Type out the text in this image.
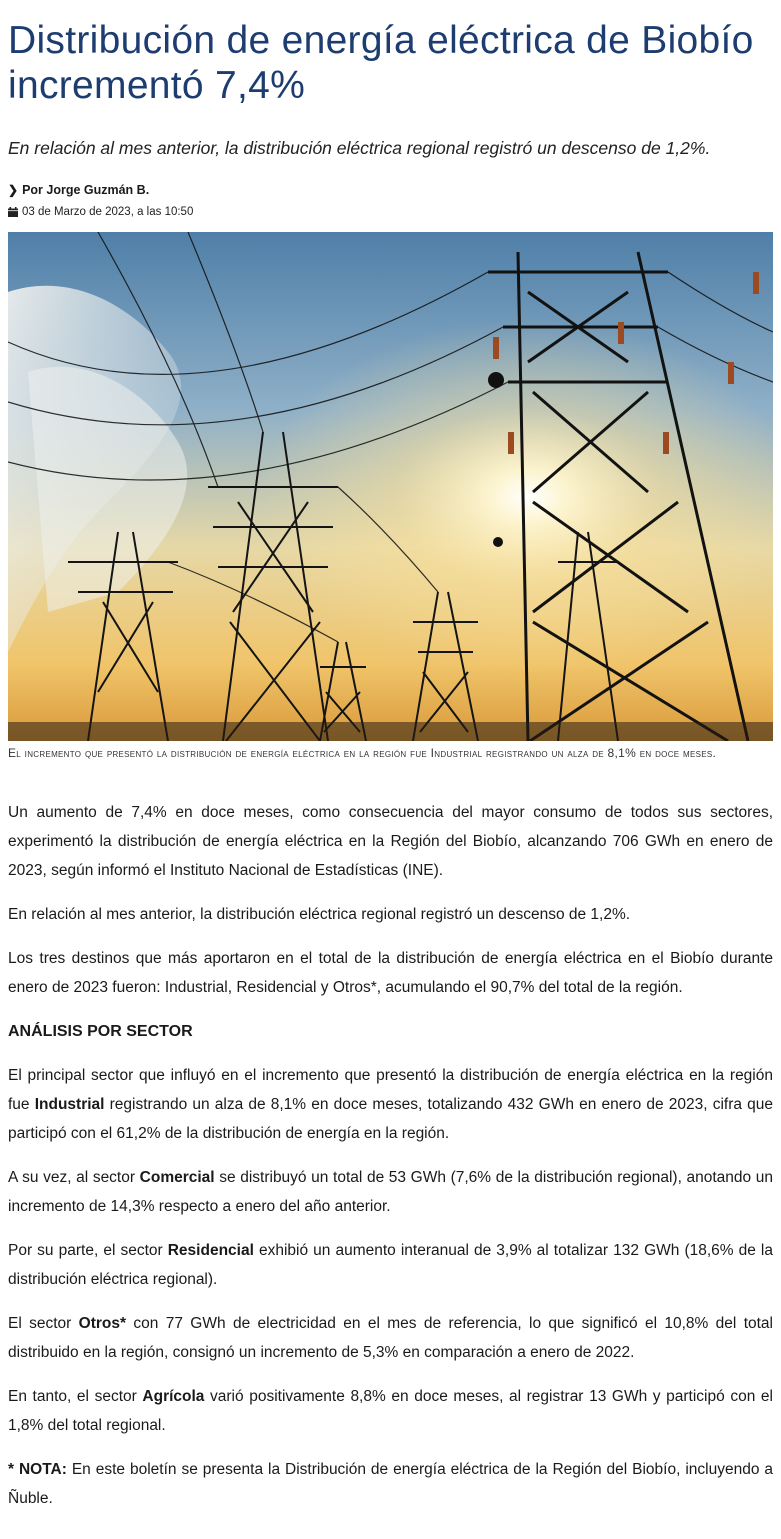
Distribución de energía eléctrica de Biobío incrementó 7,4%

En relación al mes anterior, la distribución eléctrica regional registró un descenso de 1,2%.

❯ Por Jorge Guzmán B.
03 de Marzo de 2023, a las 10:50

El incremento que presentó la distribución de energía eléctrica en la región fue Industrial registrando un alza de 8,1% en doce meses.

Un aumento de 7,4% en doce meses, como consecuencia del mayor consumo de todos sus sectores, experimentó la distribución de energía eléctrica en la Región del Biobío, alcanzando 706 GWh en enero de 2023, según informó el Instituto Nacional de Estadísticas (INE).

En relación al mes anterior, la distribución eléctrica regional registró un descenso de 1,2%.

Los tres destinos que más aportaron en el total de la distribución de energía eléctrica en el Biobío durante enero de 2023 fueron: Industrial, Residencial y Otros*, acumulando el 90,7% del total de la región.

ANÁLISIS POR SECTOR

El principal sector que influyó en el incremento que presentó la distribución de energía eléctrica en la región fue Industrial registrando un alza de 8,1% en doce meses, totalizando 432 GWh en enero de 2023, cifra que participó con el 61,2% de la distribución de energía en la región.

A su vez, al sector Comercial se distribuyó un total de 53 GWh (7,6% de la distribución regional), anotando un incremento de 14,3% respecto a enero del año anterior.

Por su parte, el sector Residencial exhibió un aumento interanual de 3,9% al totalizar 132 GWh (18,6% de la distribución eléctrica regional).

El sector Otros* con 77 GWh de electricidad en el mes de referencia, lo que significó el 10,8% del total distribuido en la región, consignó un incremento de 5,3% en comparación a enero de 2022.

En tanto, el sector Agrícola varió positivamente 8,8% en doce meses, al registrar 13 GWh y participó con el 1,8% del total regional.

* NOTA: En este boletín se presenta la Distribución de energía eléctrica de la Región del Biobío, incluyendo a Ñuble.
